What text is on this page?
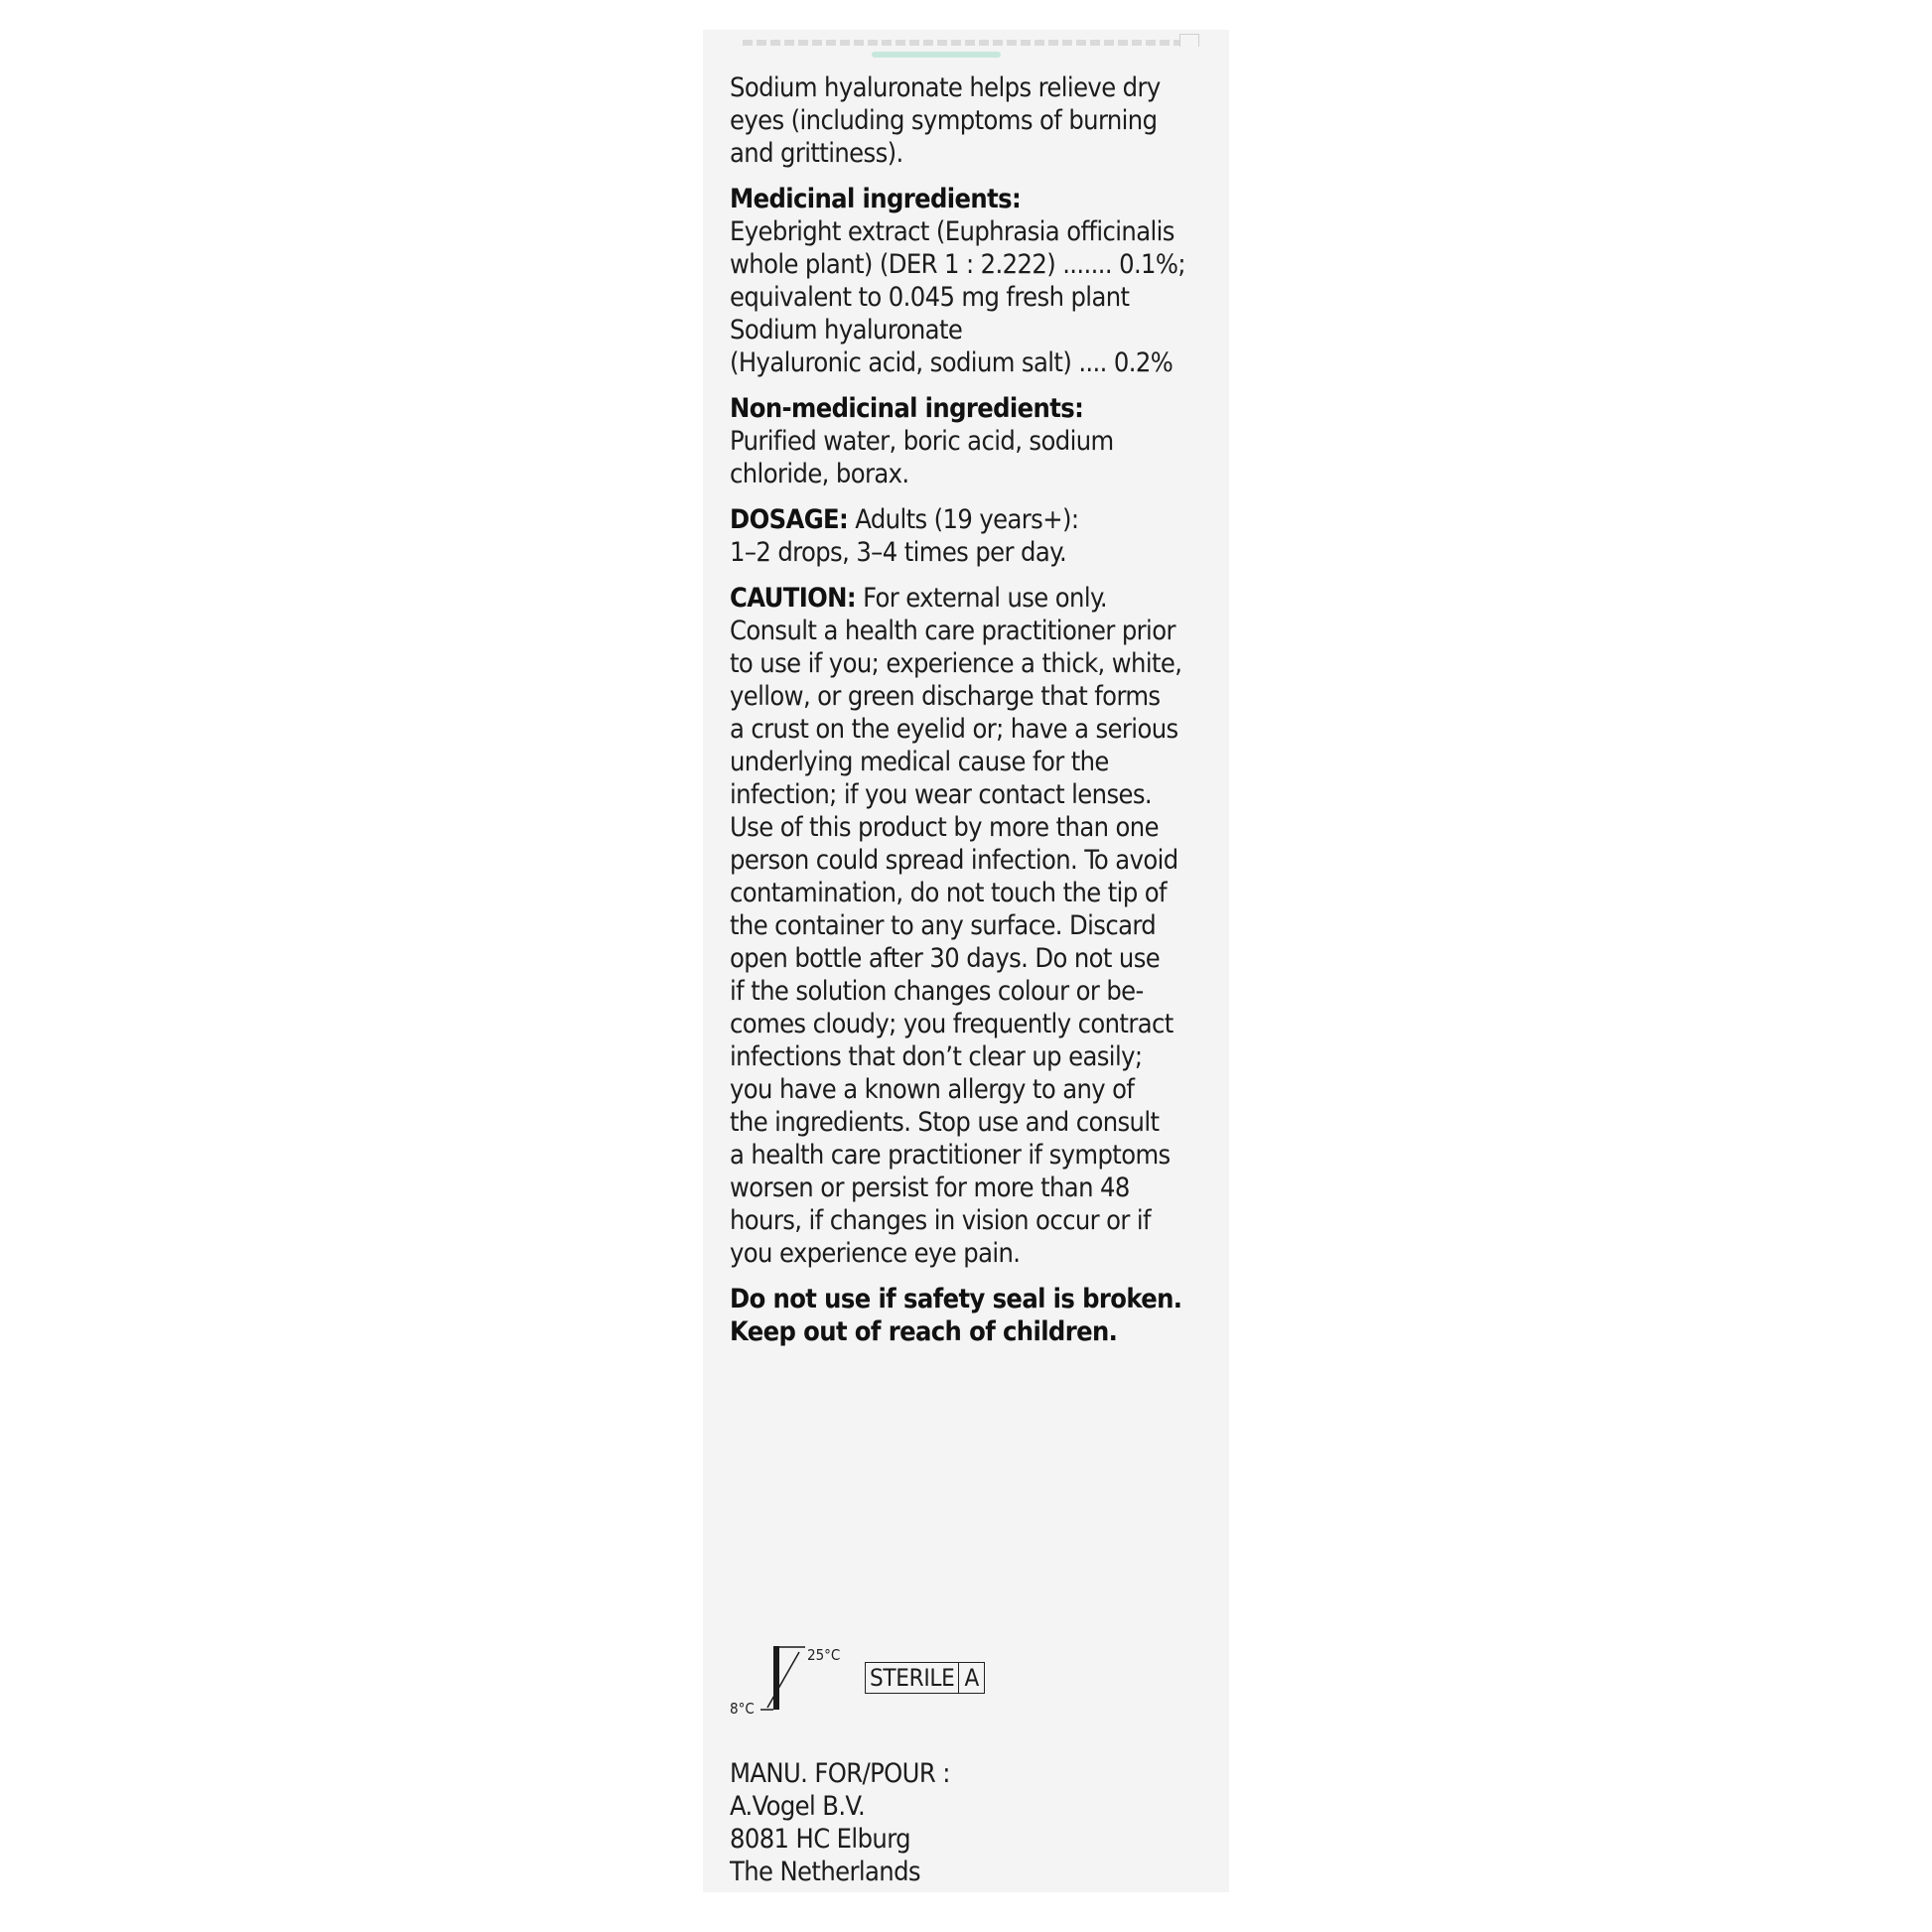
Sodium hyaluronate helps relieve dry
eyes (including symptoms of burning
and grittiness).

Medicinal ingredients:
Eyebright extract (Euphrasia officinalis
whole plant) (DER 1 : 2.222) ....... 0.1%;
equivalent to 0.045 mg fresh plant
Sodium hyaluronate
(Hyaluronic acid, sodium salt) .... 0.2%

Non-medicinal ingredients:
Purified water, boric acid, sodium
chloride, borax.

DOSAGE: Adults (19 years+):
1–2 drops, 3–4 times per day.

CAUTION: For external use only.
Consult a health care practitioner prior
to use if you; experience a thick, white,
yellow, or green discharge that forms
a crust on the eyelid or; have a serious
underlying medical cause for the
infection; if you wear contact lenses.
Use of this product by more than one
person could spread infection. To avoid
contamination, do not touch the tip of
the container to any surface. Discard
open bottle after 30 days. Do not use
if the solution changes colour or be-
comes cloudy; you frequently contract
infections that don’t clear up easily;
you have a known allergy to any of
the ingredients. Stop use and consult
a health care practitioner if symptoms
worsen or persist for more than 48
hours, if changes in vision occur or if
you experience eye pain.

Do not use if safety seal is broken.
Keep out of reach of children.

8°C
25°C
STERILE A
MANU. FOR/POUR :
A.Vogel B.V.
8081 HC Elburg
The Netherlands
